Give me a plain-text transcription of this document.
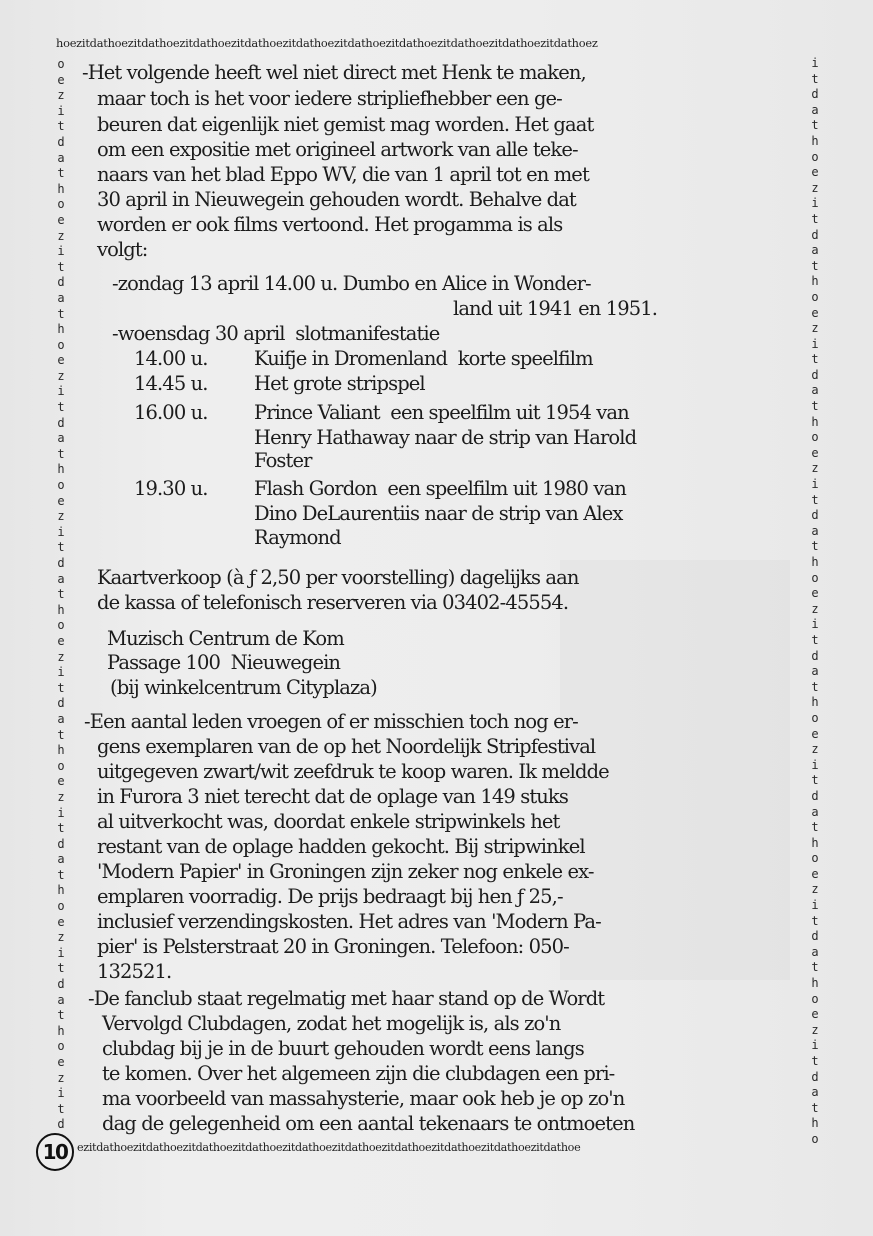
hoezitdathoezitdathoezitdathoezitdathoezitdathoezitdathoezitdathoezitdathoezitdathoezitdathoez
o
e
z
i
t
d
a
t
h
o
e
z
i
t
d
a
t
h
o
e
z
i
t
d
a
t
h
o
e
z
i
t
d
a
t
h
o
e
z
i
t
d
a
t
h
o
e
z
i
t
d
a
t
h
o
e
z
i
t
d
a
t
h
o
e
z
i
t
d
i
t
d
a
t
h
o
e
z
i
t
d
a
t
h
o
e
z
i
t
d
a
t
h
o
e
z
i
t
d
a
t
h
o
e
z
i
t
d
a
t
h
o
e
z
i
t
d
a
t
h
o
e
z
i
t
d
a
t
h
o
e
z
i
t
d
a
t
h
o
ezitdathoezitdathoezitdathoezitdathoezitdathoezitdathoezitdathoezitdathoezitdathoezitdathoe
-Het volgende heeft wel niet direct met Henk te maken,
maar toch is het voor iedere stripliefhebber een ge-
beuren dat eigenlijk niet gemist mag worden. Het gaat
om een expositie met origineel artwork van alle teke-
naars van het blad Eppo WV, die van 1 april tot en met
30 april in Nieuwegein gehouden wordt. Behalve dat
worden er ook films vertoond. Het progamma is als
volgt:
-zondag 13 april 14.00 u. Dumbo en Alice in Wonder-
land uit 1941 en 1951.
-woensdag 30 april  slotmanifestatie
14.00 u. Kuifje in Dromenland  korte speelfilm
14.45 u. Het grote stripspel
16.00 u. Prince Valiant  een speelfilm uit 1954 van
Henry Hathaway naar de strip van Harold
Foster
19.30 u. Flash Gordon  een speelfilm uit 1980 van
Dino DeLaurentiis naar de strip van Alex
Raymond
Kaartverkoop (à ƒ 2,50 per voorstelling) dagelijks aan
de kassa of telefonisch reserveren via 03402-45554.
Muzisch Centrum de Kom
Passage 100  Nieuwegein
(bij winkelcentrum Cityplaza)
-Een aantal leden vroegen of er misschien toch nog er-
gens exemplaren van de op het Noordelijk Stripfestival
uitgegeven zwart/wit zeefdruk te koop waren. Ik meldde
in Furora 3 niet terecht dat de oplage van 149 stuks
al uitverkocht was, doordat enkele stripwinkels het
restant van de oplage hadden gekocht. Bij stripwinkel
'Modern Papier' in Groningen zijn zeker nog enkele ex-
emplaren voorradig. De prijs bedraagt bij hen ƒ 25,-
inclusief verzendingskosten. Het adres van 'Modern Pa-
pier' is Pelsterstraat 20 in Groningen. Telefoon: 050-
132521.
-De fanclub staat regelmatig met haar stand op de Wordt
Vervolgd Clubdagen, zodat het mogelijk is, als zo'n
clubdag bij je in de buurt gehouden wordt eens langs
te komen. Over het algemeen zijn die clubdagen een pri-
ma voorbeeld van massahysterie, maar ook heb je op zo'n
dag de gelegenheid om een aantal tekenaars te ontmoeten
10
